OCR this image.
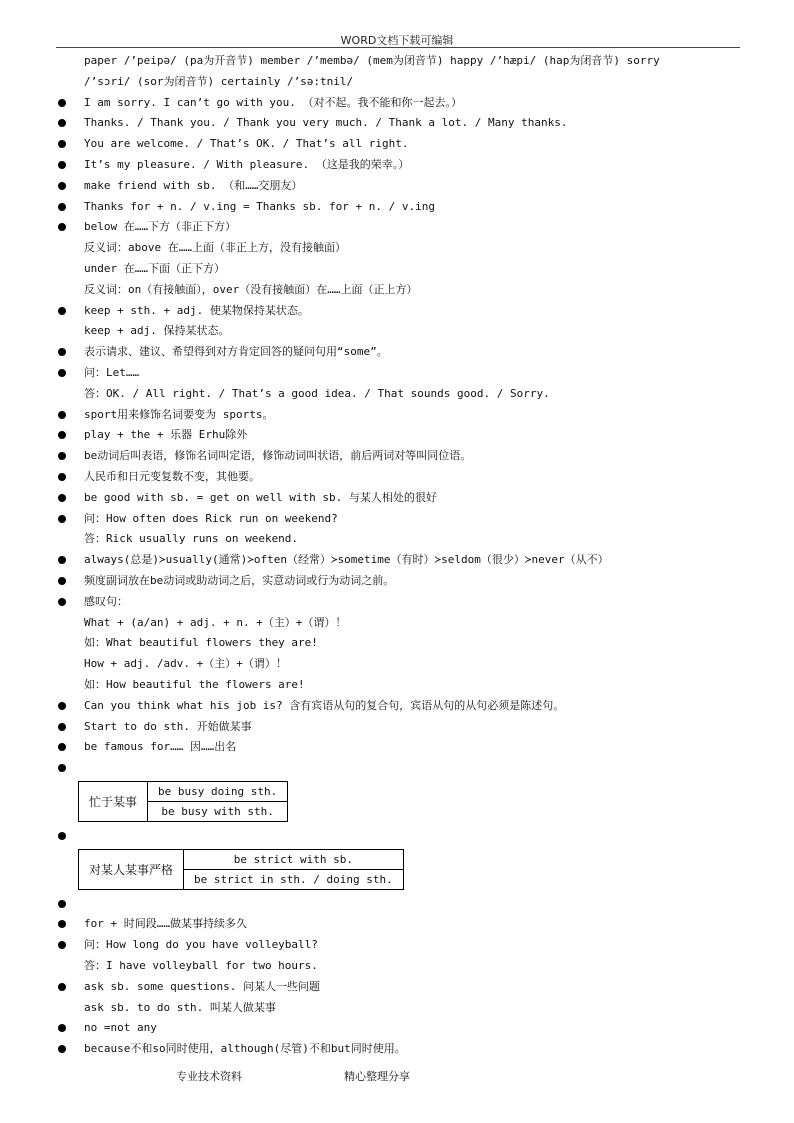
WORD文档下载可编辑
paper /’peipə/ (pa为开音节) member /’membə/ (mem为闭音节) happy /’hæpi/ (hap为闭音节) sorry
/’sɔri/ (sor为闭音节) certainly /’sə:tnil/
I am sorry. I can’t go with you. （对不起。我不能和你一起去。）
Thanks. / Thank you. / Thank you very much. / Thank a lot. / Many thanks.
You are welcome. / That’s OK. / That’s all right.
It’s my pleasure. / With pleasure. （这是我的荣幸。）
make friend with sb. （和……交朋友）
Thanks for + n. / v.ing = Thanks sb. for + n. / v.ing
below 在……下方（非正下方）
反义词：above 在……上面（非正上方，没有接触面）
under 在……下面（正下方）
反义词：on（有接触面），over（没有接触面）在……上面（正上方）
keep + sth. + adj. 使某物保持某状态。
keep + adj. 保持某状态。
表示请求、建议、希望得到对方肯定回答的疑问句用“some”。
问：Let……
答：OK. / All right. / That’s a good idea. / That sounds good. / Sorry.
sport用来修饰名词要变为 sports。
play + the + 乐器 Erhu除外
be动词后叫表语，修饰名词叫定语，修饰动词叫状语，前后两词对等叫同位语。
人民币和日元变复数不变，其他要。
be good with sb. = get on well with sb. 与某人相处的很好
问：How often does Rick run on weekend?
答：Rick usually runs on weekend.
always(总是)≻usually(通常)≻often（经常）≻sometime（有时）≻seldom（很少）≻never（从不）
频度副词放在be动词或助动词之后，实意动词或行为动词之前。
感叹句：
What + (a/an) + adj. + n. +（主）+（谓）！
如：What beautiful flowers they are!
How + adj. /adv. +（主）+（谓）！
如：How beautiful the flowers are!
Can you think what his job is? 含有宾语从句的复合句，宾语从句的从句必须是陈述句。
Start to do sth. 开始做某事
be famous for…… 因……出名
忙于某事	be busy doing sth.
be busy with sth.
对某人某事严格	be strict with sb.
be strict in sth. / doing sth.
for + 时间段……做某事持续多久
问：How long do you have volleyball?
答：I have volleyball for two hours.
ask sb. some questions. 问某人一些问题
ask sb. to do sth. 叫某人做某事
no =not any
because不和so同时使用，although(尽管)不和but同时使用。
专业技术资料	精心整理分享
